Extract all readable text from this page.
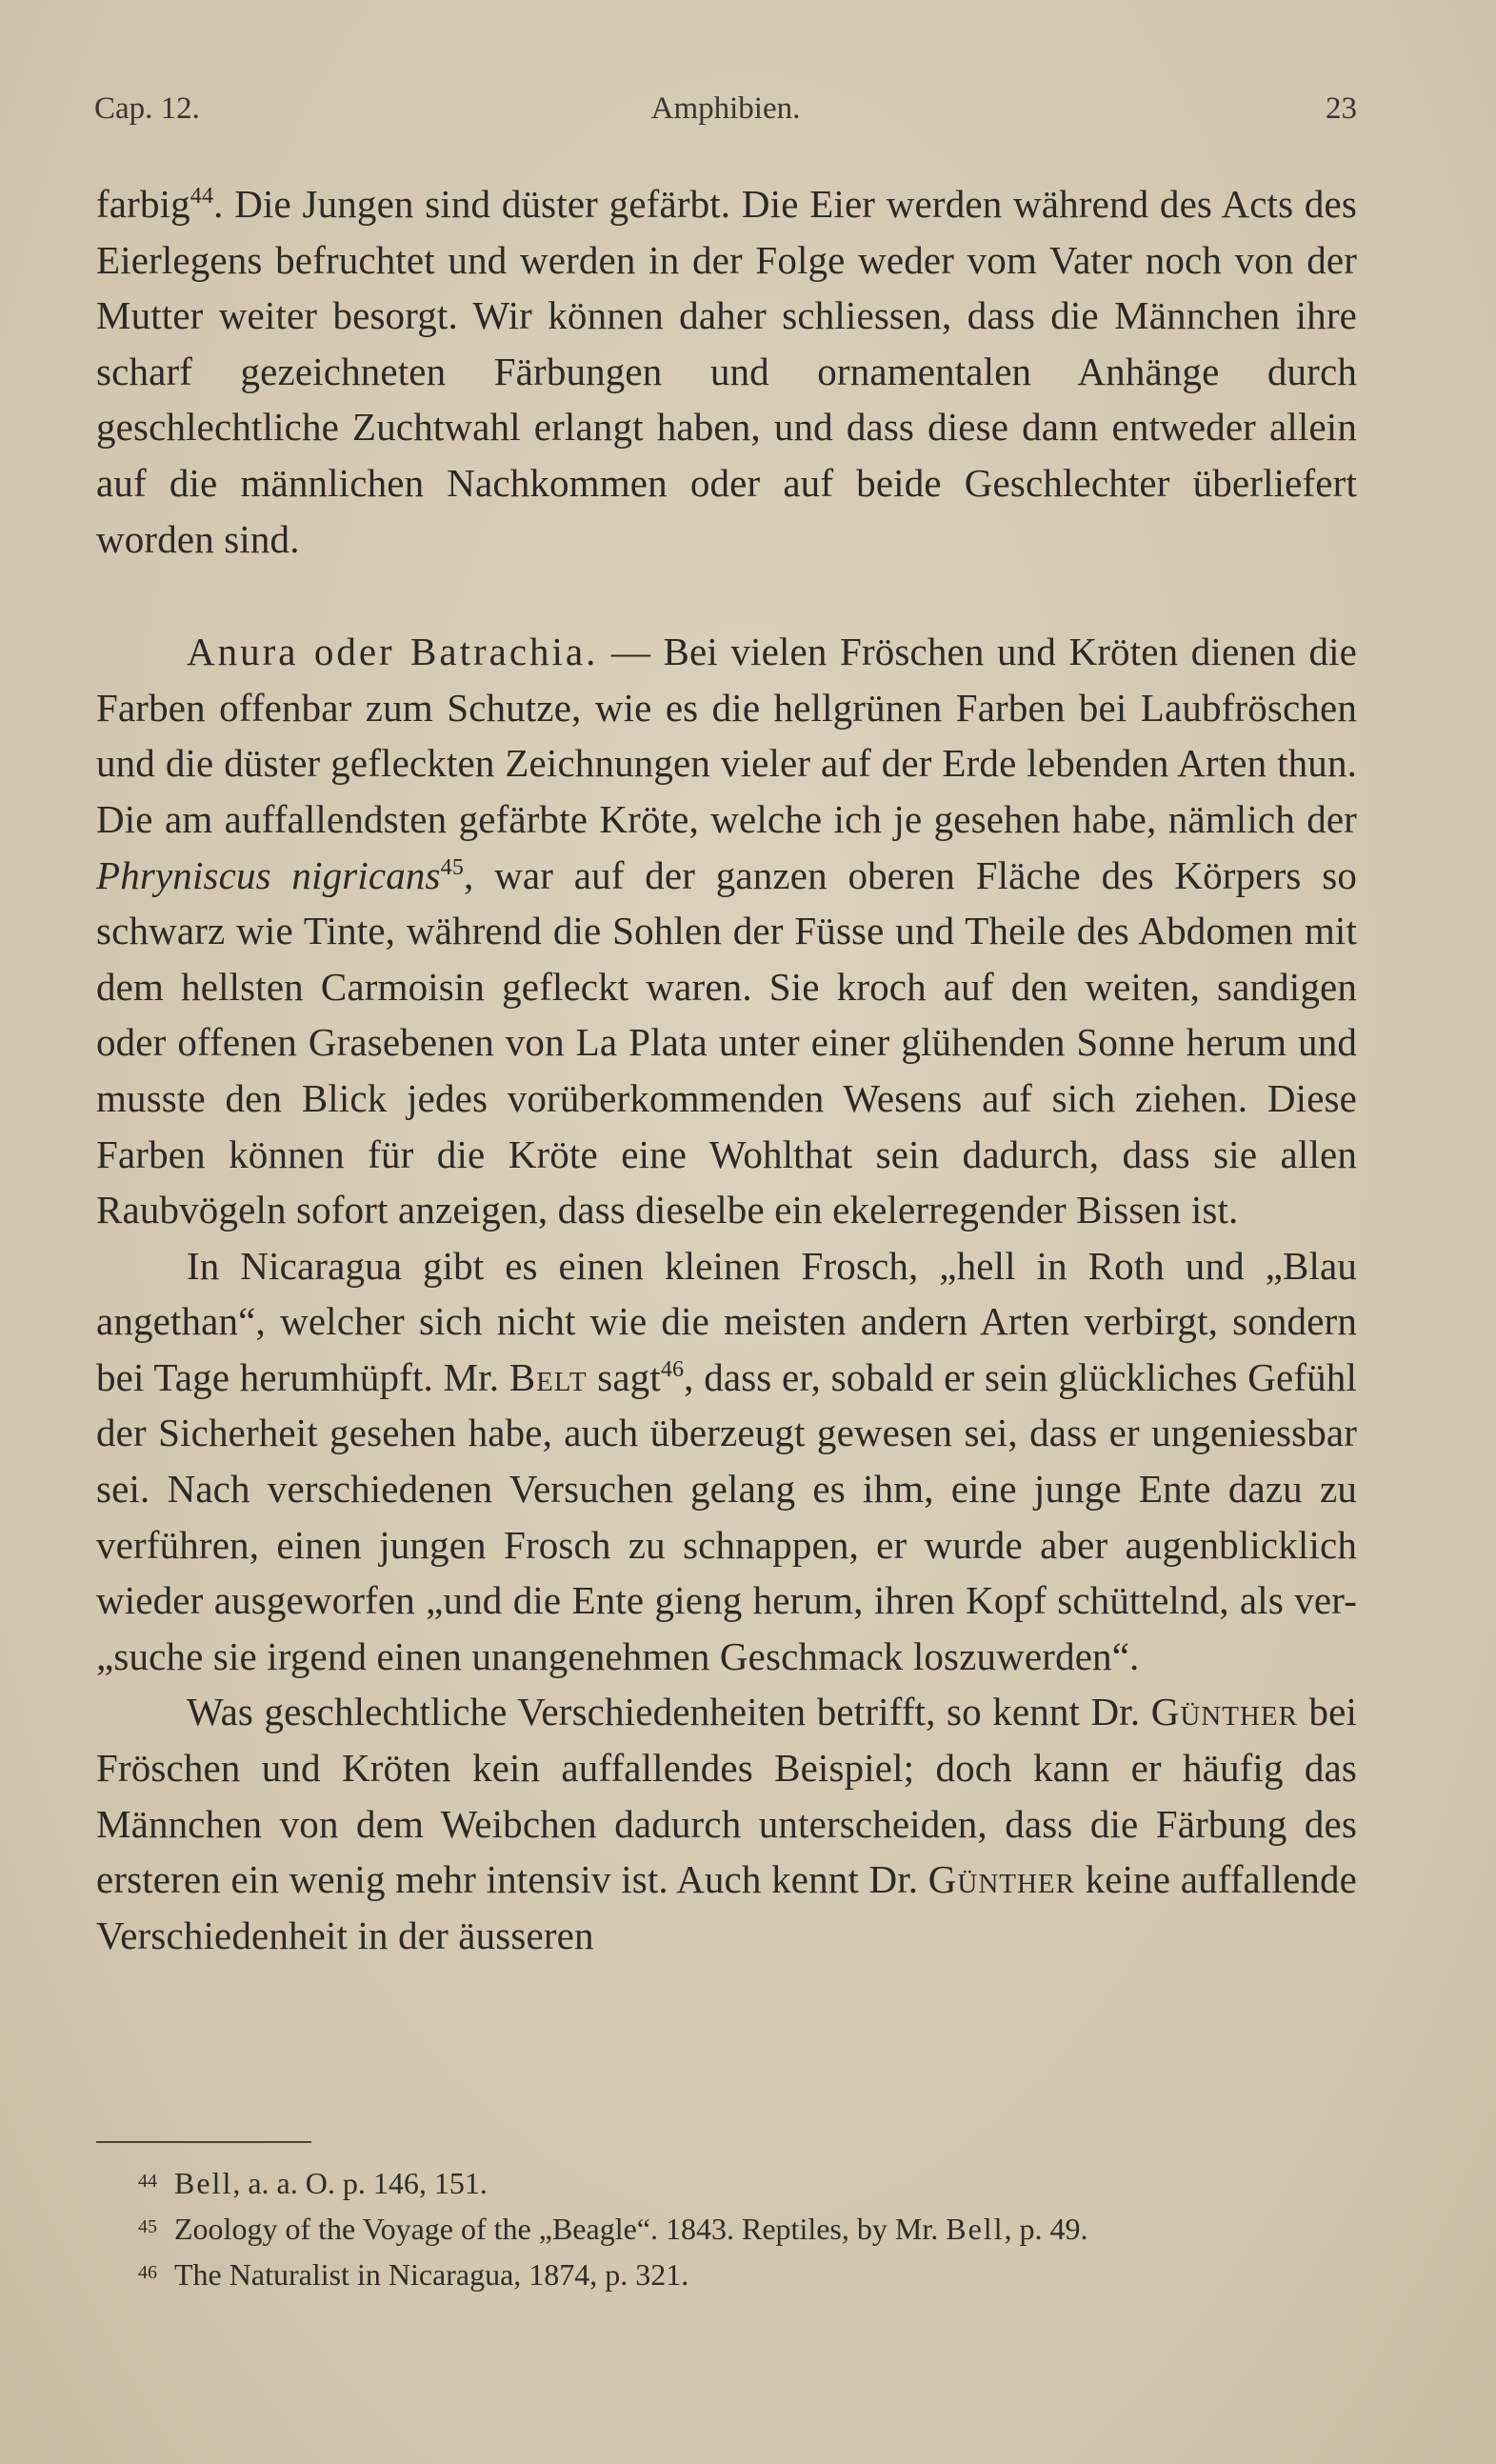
Cap. 12.	Amphibien.	23

farbig$^{44}$. Die Jungen sind düster gefärbt. Die Eier werden während des Acts des Eierlegens befruchtet und werden in der Folge weder vom Vater noch von der Mutter weiter besorgt. Wir können daher schliessen, dass die Männchen ihre scharf gezeichneten Färbungen und ornamentalen Anhänge durch geschlechtliche Zuchtwahl erlangt haben, und dass diese dann entweder allein auf die männlichen Nachkommen oder auf beide Geschlechter überliefert worden sind.

Anura oder Batrachia. — Bei vielen Fröschen und Kröten dienen die Farben offenbar zum Schutze, wie es die hellgrünen Farben bei Laubfröschen und die düster gefleckten Zeichnungen vieler auf der Erde lebenden Arten thun. Die am auffallendsten gefärbte Kröte, welche ich je gesehen habe, nämlich der Phryniscus nigricans$^{45}$, war auf der ganzen oberen Fläche des Körpers so schwarz wie Tinte, während die Sohlen der Füsse und Theile des Abdomen mit dem hellsten Carmoisin gefleckt waren. Sie kroch auf den weiten, sandigen oder offenen Grasebenen von La Plata unter einer glühenden Sonne herum und musste den Blick jedes vorüberkommenden Wesens auf sich ziehen. Diese Farben können für die Kröte eine Wohlthat sein dadurch, dass sie allen Raubvögeln sofort anzeigen, dass dieselbe ein ekelerregender Bissen ist.

In Nicaragua gibt es einen kleinen Frosch, „hell in Roth und „Blau angethan“, welcher sich nicht wie die meisten andern Arten verbirgt, sondern bei Tage herumhüpft. Mr. Belt sagt$^{46}$, dass er, sobald er sein glückliches Gefühl der Sicherheit gesehen habe, auch überzeugt gewesen sei, dass er ungeniessbar sei. Nach verschiedenen Versuchen gelang es ihm, eine junge Ente dazu zu verführen, einen jungen Frosch zu schnappen, er wurde aber augenblicklich wieder ausgeworfen „und die Ente gieng herum, ihren Kopf schüttelnd, als ver- „suche sie irgend einen unangenehmen Geschmack loszuwerden“.

Was geschlechtliche Verschiedenheiten betrifft, so kennt Dr. Günther bei Fröschen und Kröten kein auffallendes Beispiel; doch kann er häufig das Männchen von dem Weibchen dadurch unterscheiden, dass die Färbung des ersteren ein wenig mehr intensiv ist. Auch kennt Dr. Günther keine auffallende Verschiedenheit in der äusseren

44 Bell, a. a. O. p. 146, 151.
45 Zoology of the Voyage of the „Beagle“. 1843. Reptiles, by Mr. Bell, p. 49.
46 The Naturalist in Nicaragua, 1874, p. 321.
